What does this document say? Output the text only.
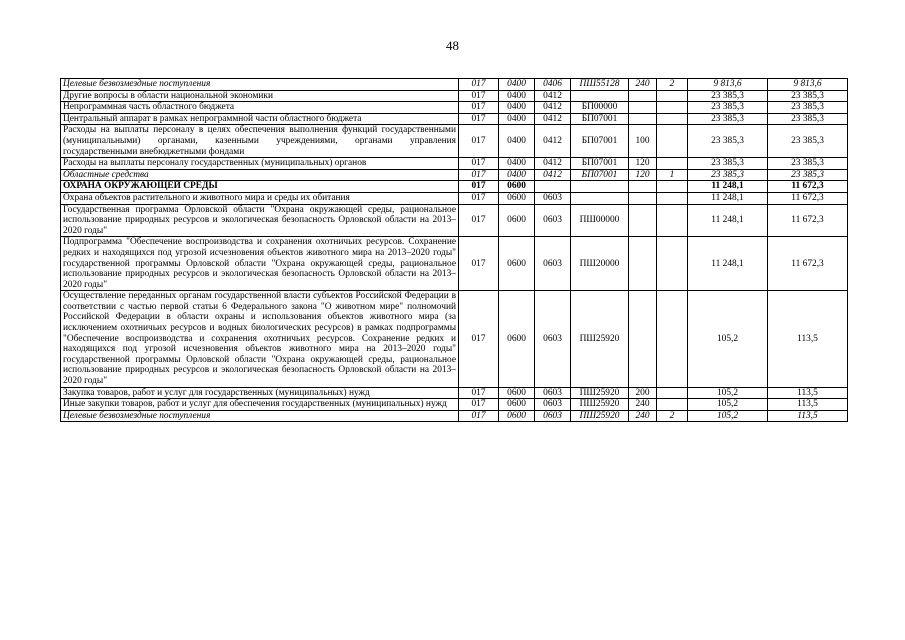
48
Целевые безвозмездные поступления	017	0400	0406	ПШ55128	240	2	9 813,6	9 813,6
Другие вопросы в области национальной экономики	017	0400	0412				23 385,3	23 385,3
Непрограммная часть областного бюджета	017	0400	0412	БП00000			23 385,3	23 385,3
Центральный аппарат в рамках непрограммной части областного бюджета	017	0400	0412	БП07001			23 385,3	23 385,3
Расходы на выплаты персоналу в целях обеспечения выполнения функций государственными (муниципальными) органами, казенными учреждениями, органами управления государственными внебюджетными фондами	017	0400	0412	БП07001	100		23 385,3	23 385,3
Расходы на выплаты персоналу государственных (муниципальных) органов	017	0400	0412	БП07001	120		23 385,3	23 385,3
Областные средства	017	0400	0412	БП07001	120	1	23 385,3	23 385,3
ОХРАНА ОКРУЖАЮЩЕЙ СРЕДЫ	017	0600					11 248,1	11 672,3
Охрана объектов растительного и животного мира и среды их обитания	017	0600	0603				11 248,1	11 672,3
Государственная программа Орловской области "Охрана окружающей среды, рациональное использование природных ресурсов и экологическая безопасность Орловской области на 2013–2020 годы"	017	0600	0603	ПШ00000			11 248,1	11 672,3
Подпрограмма "Обеспечение воспроизводства и сохранения охотничьих ресурсов. Сохранение редких и находящихся под угрозой исчезновения объектов животного мира на 2013–2020 годы" государственной программы Орловской области "Охрана окружающей среды, рациональное использование природных ресурсов и экологическая безопасность Орловской области на 2013–2020 годы"	017	0600	0603	ПШ20000			11 248,1	11 672,3
Осуществление переданных органам государственной власти субъектов Российской Федерации в соответствии с частью первой статьи 6 Федерального закона "О животном мире" полномочий Российской Федерации в области охраны и использования объектов животного мира (за исключением охотничьих ресурсов и водных биологических ресурсов) в рамках подпрограммы "Обеспечение воспроизводства и сохранения охотничьих ресурсов. Сохранение редких и находящихся под угрозой исчезновения объектов животного мира на 2013–2020 годы" государственной программы Орловской области "Охрана окружающей среды, рациональное использование природных ресурсов и экологическая безопасность Орловской области на 2013–2020 годы"	017	0600	0603	ПШ25920			105,2	113,5
Закупка товаров, работ и услуг для государственных (муниципальных) нужд	017	0600	0603	ПШ25920	200		105,2	113,5
Иные закупки товаров, работ и услуг для обеспечения государственных (муниципальных) нужд	017	0600	0603	ПШ25920	240		105,2	113,5
Целевые безвозмездные поступления	017	0600	0603	ПШ25920	240	2	105,2	113,5
